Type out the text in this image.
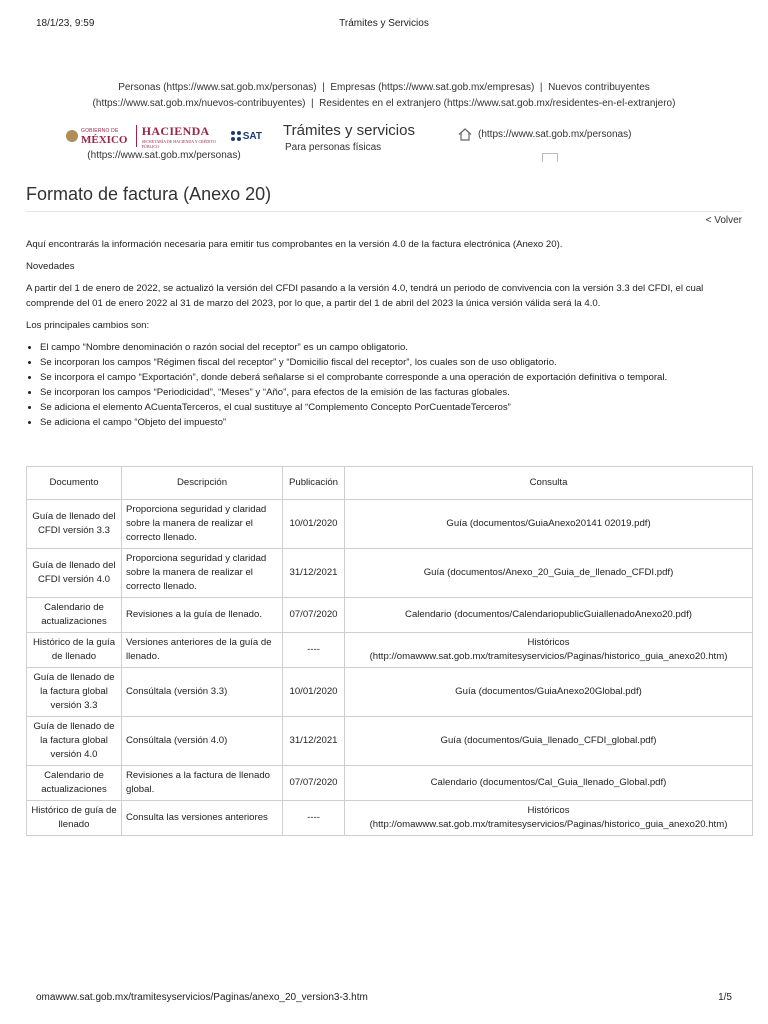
18/1/23, 9:59	Trámites y Servicios
Personas (https://www.sat.gob.mx/personas) | Empresas (https://www.sat.gob.mx/empresas) | Nuevos contribuyentes
(https://www.sat.gob.mx/nuevos-contribuyentes) | Residentes en el extranjero (https://www.sat.gob.mx/residentes-en-el-extranjero)
GOBIERNO DE
MÉXICO
HACIENDA
SECRETARÍA DE HACIENDA Y CRÉDITO PÚBLICO
SAT
(https://www.sat.gob.mx/personas)
Trámites y servicios
Para personas físicas
(https://www.sat.gob.mx/personas)
Formato de factura (Anexo 20)
< Volver

Aquí encontrarás la información necesaria para emitir tus comprobantes en la versión 4.0 de la factura electrónica (Anexo 20).

Novedades

A partir del 1 de enero de 2022, se actualizó la versión del CFDI pasando a la versión 4.0, tendrá un periodo de convivencia con la versión 3.3 del CFDI, el cual comprende del 01 de enero 2022 al 31 de marzo del 2023, por lo que, a partir del 1 de abril del 2023 la única versión válida será la 4.0.

Los principales cambios son:

• El campo “Nombre denominación o razón social del receptor” es un campo obligatorio.
• Se incorporan los campos “Régimen fiscal del receptor” y “Domicilio fiscal del receptor”, los cuales son de uso obligatorio.
• Se incorpora el campo “Exportación”, donde deberá señalarse si el comprobante corresponde a una operación de exportación definitiva o temporal.
• Se incorporan los campos “Periodicidad”, “Meses” y “Año”, para efectos de la emisión de las facturas globales.
• Se adiciona el elemento ACuentaTerceros, el cual sustituye al “Complemento Concepto PorCuentadeTerceros”
• Se adiciona el campo “Objeto del impuesto”
Documento	Descripción	Publicación	Consulta
Guía de llenado del CFDI versión 3.3	Proporciona seguridad y claridad sobre la manera de realizar el correcto llenado.	10/01/2020	Guía (documentos/GuiaAnexo20141 02019.pdf)
Guía de llenado del CFDI versión 4.0	Proporciona seguridad y claridad sobre la manera de realizar el correcto llenado.	31/12/2021	Guía (documentos/Anexo_20_Guia_de_llenado_CFDI.pdf)
Calendario de actualizaciones	Revisiones a la guía de llenado.	07/07/2020	Calendario (documentos/CalendariopublicGuiallenadoAnexo20.pdf)
Histórico de la guía de llenado	Versiones anteriores de la guía de llenado.	----	Históricos (http://omawww.sat.gob.mx/tramitesyservicios/Paginas/historico_guia_anexo20.htm)
Guía de llenado de la factura global versión 3.3	Consúltala (versión 3.3)	10/01/2020	Guía (documentos/GuiaAnexo20Global.pdf)
Guía de llenado de la factura global versión 4.0	Consúltala (versión 4.0)	31/12/2021	Guía (documentos/Guia_llenado_CFDI_global.pdf)
Calendario de actualizaciones	Revisiones a la factura de llenado global.	07/07/2020	Calendario (documentos/Cal_Guia_llenado_Global.pdf)
Histórico de guía de llenado	Consulta las versiones anteriores	----	Históricos (http://omawww.sat.gob.mx/tramitesyservicios/Paginas/historico_guia_anexo20.htm)
omawww.sat.gob.mx/tramitesyservicios/Paginas/anexo_20_version3-3.htm	1/5
